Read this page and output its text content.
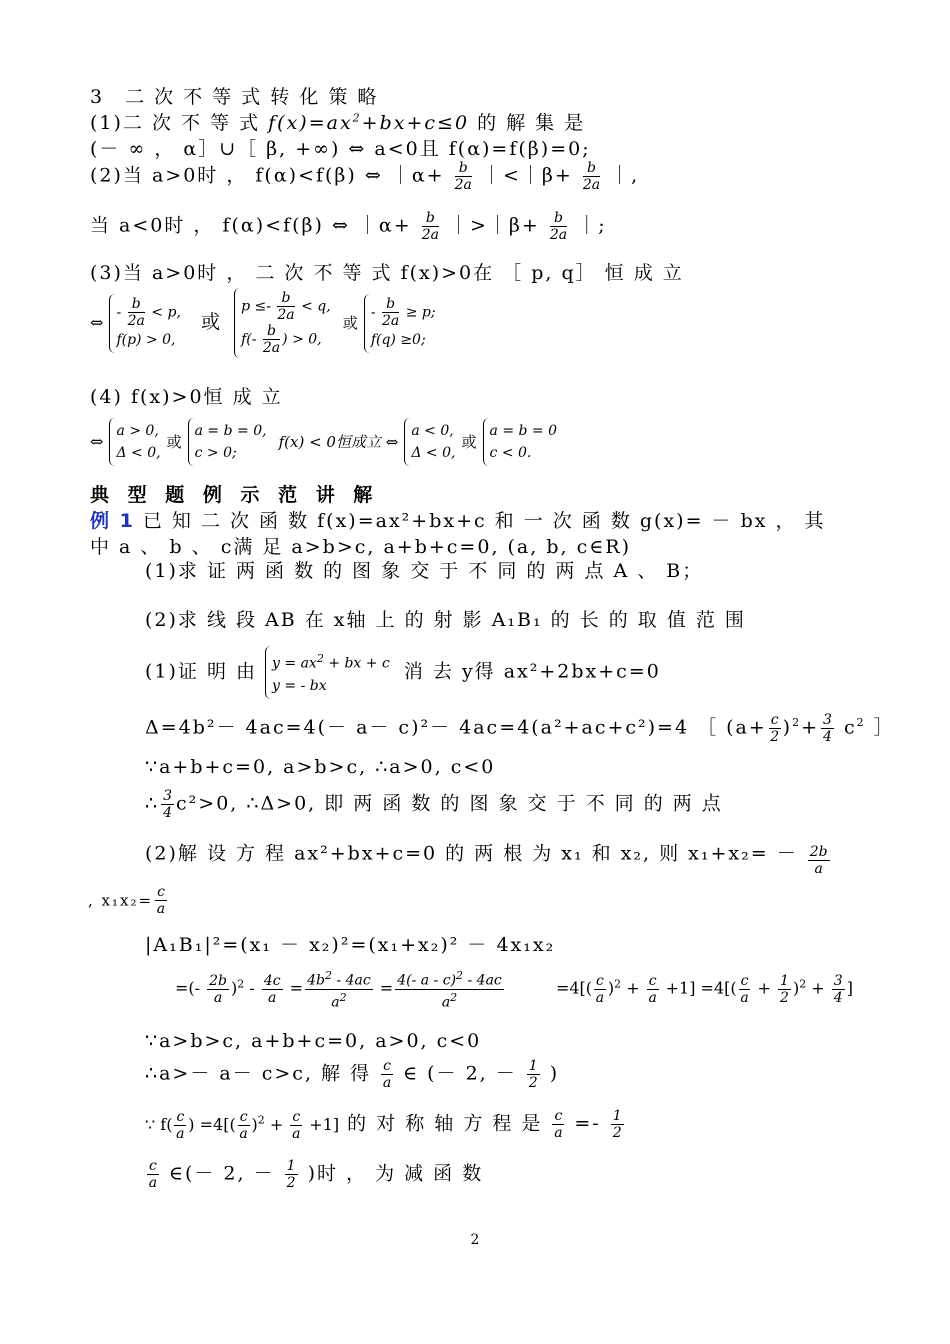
3　二 次 不 等 式 转 化 策 略
(1)二 次 不 等 式 $f(x)=ax^2+bx+c\le 0$ 的 解 集 是
(－ ∞ ， α］∪［ β, +∞) ⇔ a<0且 f(α)=f(β)=0;
(2)当 a>0时 ， f(α)<f(β) ⇔ ｜α+ $\frac{b}{2a}$ ｜<｜β+ $\frac{b}{2a}$ ｜,
当 a<0时 ， f(α)<f(β) ⇔ ｜α+ $\frac{b}{2a}$ ｜>｜β+ $\frac{b}{2a}$ ｜;
(3)当 a>0时 ， 二 次 不 等 式 f(x)>0在 ［ p, q］ 恒 成 立
⇔
- $\frac{b}{2a} < p$,
f(p) > 0,
或
$p \le- \frac{b}{2a} < q$,
$f(- \frac{b}{2a}$ ) > 0,
或
- $\frac{b}{2a} \ge p$;
f(q) ≥0;
(4) f(x)>0恒 成 立
⇔
a > 0,
Δ < 0,
或
a = b = 0,
c > 0;
f(x) < 0恒成立 ⇔
a < 0,
Δ < 0,
或
a = b = 0
c < 0.
典 型 题 例 示 范 讲 解
例 1 已 知 二 次 函 数 f(x)=ax²+bx+c 和 一 次 函 数 g(x)= － bx ， 其
中 a 、 b 、 c满 足 a>b>c, a+b+c=0, (a, b, c∈R)
(1)求 证 两 函 数 的 图 象 交 于 不 同 的 两 点 A 、 B；
(2)求 线 段 AB 在 x轴 上 的 射 影 A₁B₁ 的 长 的 取 值 范 围
(1)证 明 由 $y = ax^2$ + bx + c
y = - bx
消 去 y得 ax²+2bx+c=0
Δ=4b²－ 4ac=4(－ a－ c)²－ 4ac=4(a²+ac+c²)=4 ［ $(a+ \frac{c}{2} )^2+ \frac{3}{4} c^2$ ］
∵a+b+c=0, a>b>c, ∴a>0, c<0
∴ $\frac{3}{4} c^2>0$, ∴Δ>0, 即 两 函 数 的 图 象 交 于 不 同 的 两 点
(2)解 设 方 程 ax²+bx+c=0 的 两 根 为 x₁ 和 x₂, 则 $x_1+x_2= - \frac{2b}{a}$
, $x_1x_2= \frac{c}{a}$
|A₁B₁|²=(x₁ － x₂)²=(x₁+x₂)² － 4x₁x₂
=(- $\frac{2b}{a} )^2 - \frac{4c}{a} = \frac{4b^2 - 4ac}{a^2} = \frac{4(- a - c)^2 - 4ac}{a^2}$	$=4[( \frac{c}{a} )^2 + \frac{c}{a} +1] =4[( \frac{c}{a} + \frac{1}{2} )^2 + \frac{3}{4}$ ]
∵a>b>c, a+b+c=0, a>0, c<0
∴a>－ a－ c>c, 解 得 $\frac{c}{a}$ ∈ (－ 2, － $\frac{1}{2}$ )
∵ $f( \frac{c}{a}$ ) $=4[( \frac{c}{a} )^2 + \frac{c}{a} +1]$ 的 对 称 轴 方 程 是 $\frac{c}{a} =- \frac{1}{2}$
$\frac{c}{a}$ ∈(－ 2, － $\frac{1}{2}$ )时 ， 为 减 函 数
2
